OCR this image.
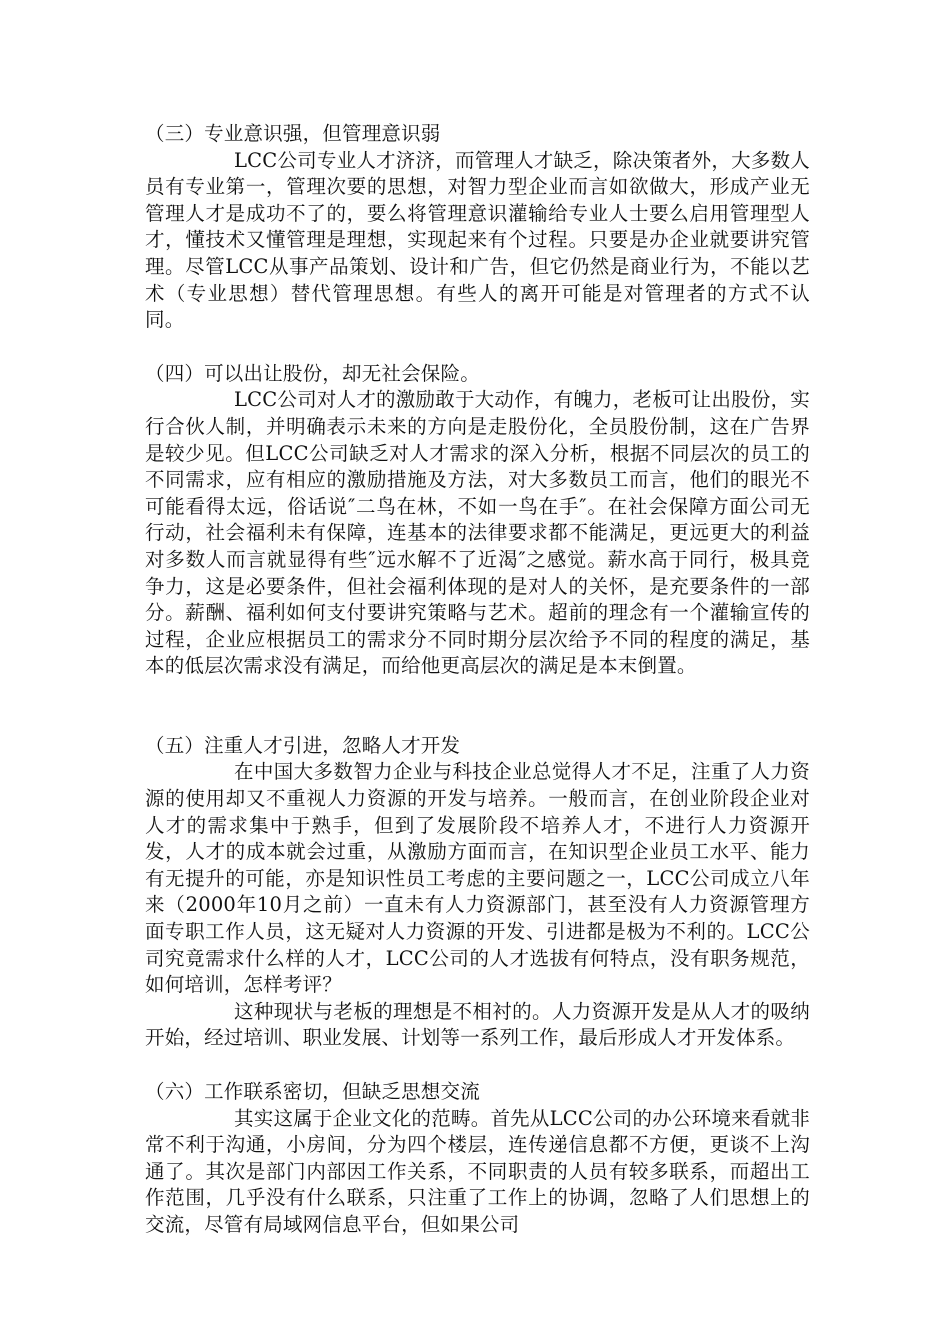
（三）专业意识强，但管理意识弱

LCC公司专业人才济济，而管理人才缺乏，除决策者外，大多数人员有专业第一，管理次要的思想，对智力型企业而言如欲做大，形成产业无管理人才是成功不了的，要么将管理意识灌输给专业人士要么启用管理型人才，懂技术又懂管理是理想，实现起来有个过程。只要是办企业就要讲究管理。尽管LCC从事产品策划、设计和广告，但它仍然是商业行为，不能以艺术（专业思想）替代管理思想。有些人的离开可能是对管理者的方式不认同。

（四）可以出让股份，却无社会保险。

LCC公司对人才的激励敢于大动作，有魄力，老板可让出股份，实行合伙人制，并明确表示未来的方向是走股份化，全员股份制，这在广告界是较少见。但LCC公司缺乏对人才需求的深入分析，根据不同层次的员工的不同需求，应有相应的激励措施及方法，对大多数员工而言，他们的眼光不可能看得太远，俗话说″二鸟在林，不如一鸟在手″。在社会保障方面公司无行动，社会福利未有保障，连基本的法律要求都不能满足，更远更大的利益对多数人而言就显得有些″远水解不了近渴″之感觉。薪水高于同行，极具竞争力，这是必要条件，但社会福利体现的是对人的关怀，是充要条件的一部分。薪酬、福利如何支付要讲究策略与艺术。超前的理念有一个灌输宣传的过程，企业应根据员工的需求分不同时期分层次给予不同的程度的满足，基本的低层次需求没有满足，而给他更高层次的满足是本末倒置。

（五）注重人才引进，忽略人才开发

在中国大多数智力企业与科技企业总觉得人才不足，注重了人力资源的使用却又不重视人力资源的开发与培养。一般而言，在创业阶段企业对人才的需求集中于熟手，但到了发展阶段不培养人才，不进行人力资源开发，人才的成本就会过重，从激励方面而言，在知识型企业员工水平、能力有无提升的可能，亦是知识性员工考虑的主要问题之一，LCC公司成立八年来（2000年10月之前）一直未有人力资源部门，甚至没有人力资源管理方面专职工作人员，这无疑对人力资源的开发、引进都是极为不利的。LCC公司究竟需求什么样的人才，LCC公司的人才选拔有何特点，没有职务规范，如何培训，怎样考评？

这种现状与老板的理想是不相衬的。人力资源开发是从人才的吸纳开始，经过培训、职业发展、计划等一系列工作，最后形成人才开发体系。

（六）工作联系密切，但缺乏思想交流

其实这属于企业文化的范畴。首先从LCC公司的办公环境来看就非常不利于沟通，小房间，分为四个楼层，连传递信息都不方便，更谈不上沟通了。其次是部门内部因工作关系，不同职责的人员有较多联系，而超出工作范围，几乎没有什么联系，只注重了工作上的协调，忽略了人们思想上的交流，尽管有局域网信息平台，但如果公司
